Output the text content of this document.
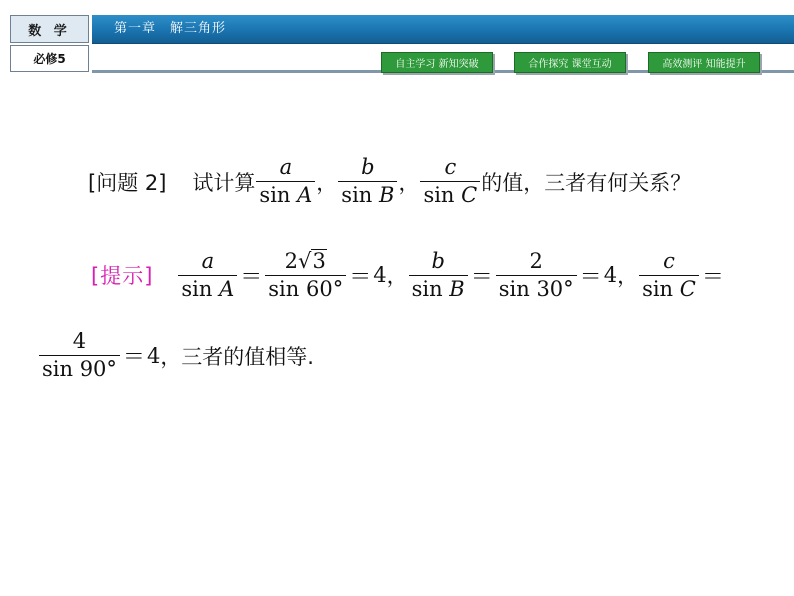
数 学
必修5
第一章　解三角形
自主学习 新知突破	合作探究 课堂互动	高效测评 知能提升
[问题 2] 试计算 $\frac{a}{\text{sin A}}$ ， $\frac{b}{\text{sin B}}$ ， $\frac{c}{\text{sin C}}$ 的值，三者有何关系？
[提示] $\frac{a}{\text{sin A}} = \frac{2 √ 3}{\sin 60^\circ} = 4$ ， $\frac{b}{\text{sin B}} = \frac{2}{\sin 30^\circ} = 4$ ， $\frac{c}{\text{sin C}}$ ＝
$\frac{4}{\sin 90^\circ} = 4$ ，三者的值相等.
